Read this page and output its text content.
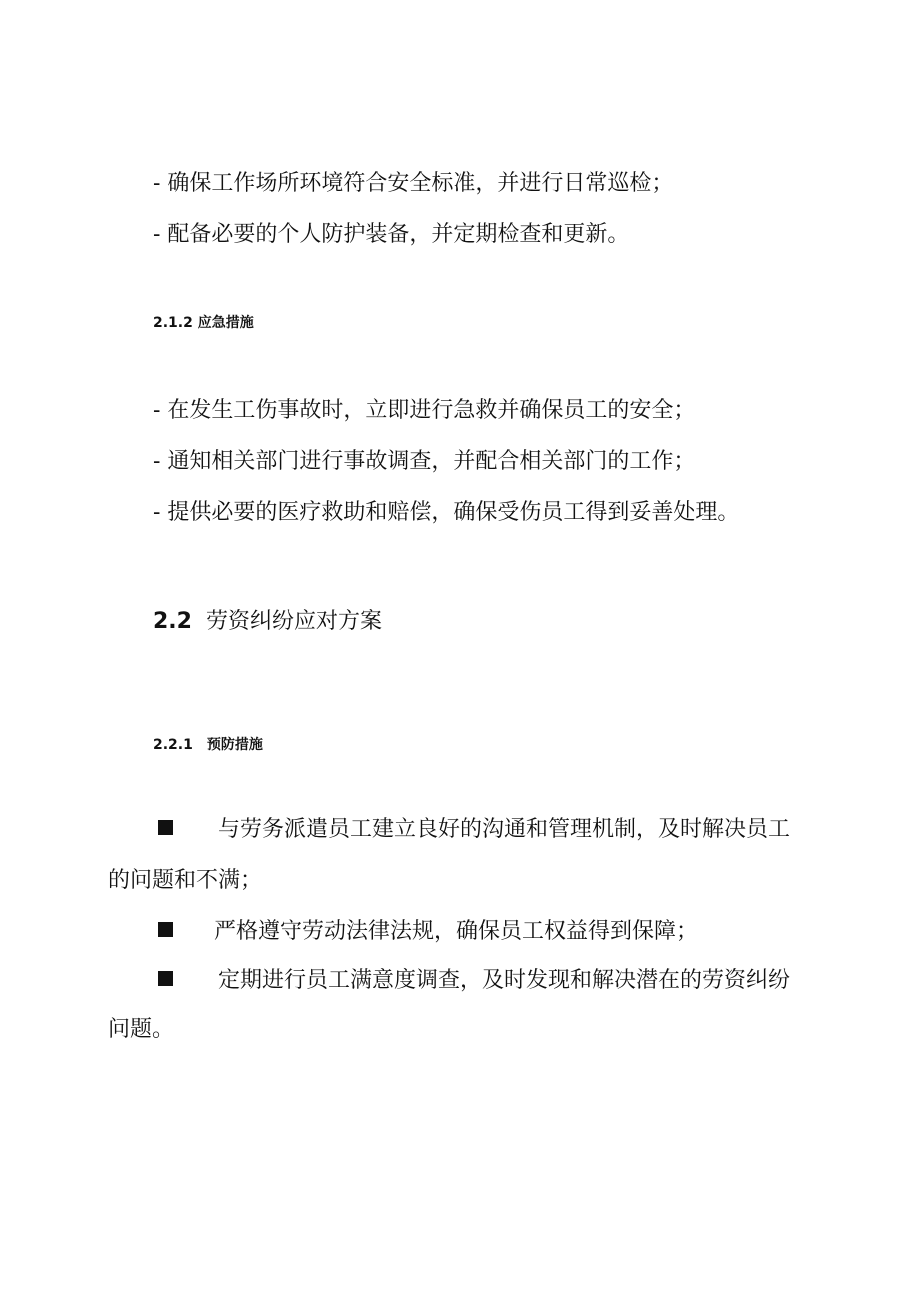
- 确保工作场所环境符合安全标准，并进行日常巡检；

- 配备必要的个人防护装备，并定期检查和更新。

2.1.2 应急措施

- 在发生工伤事故时，立即进行急救并确保员工的安全；

- 通知相关部门进行事故调查，并配合相关部门的工作；

- 提供必要的医疗救助和赔偿，确保受伤员工得到妥善处理。

2.2 劳资纠纷应对方案

2.2.1 预防措施

与劳务派遣员工建立良好的沟通和管理机制，及时解决员工

的问题和不满；

严格遵守劳动法律法规，确保员工权益得到保障；

定期进行员工满意度调查，及时发现和解决潜在的劳资纠纷

问题。
